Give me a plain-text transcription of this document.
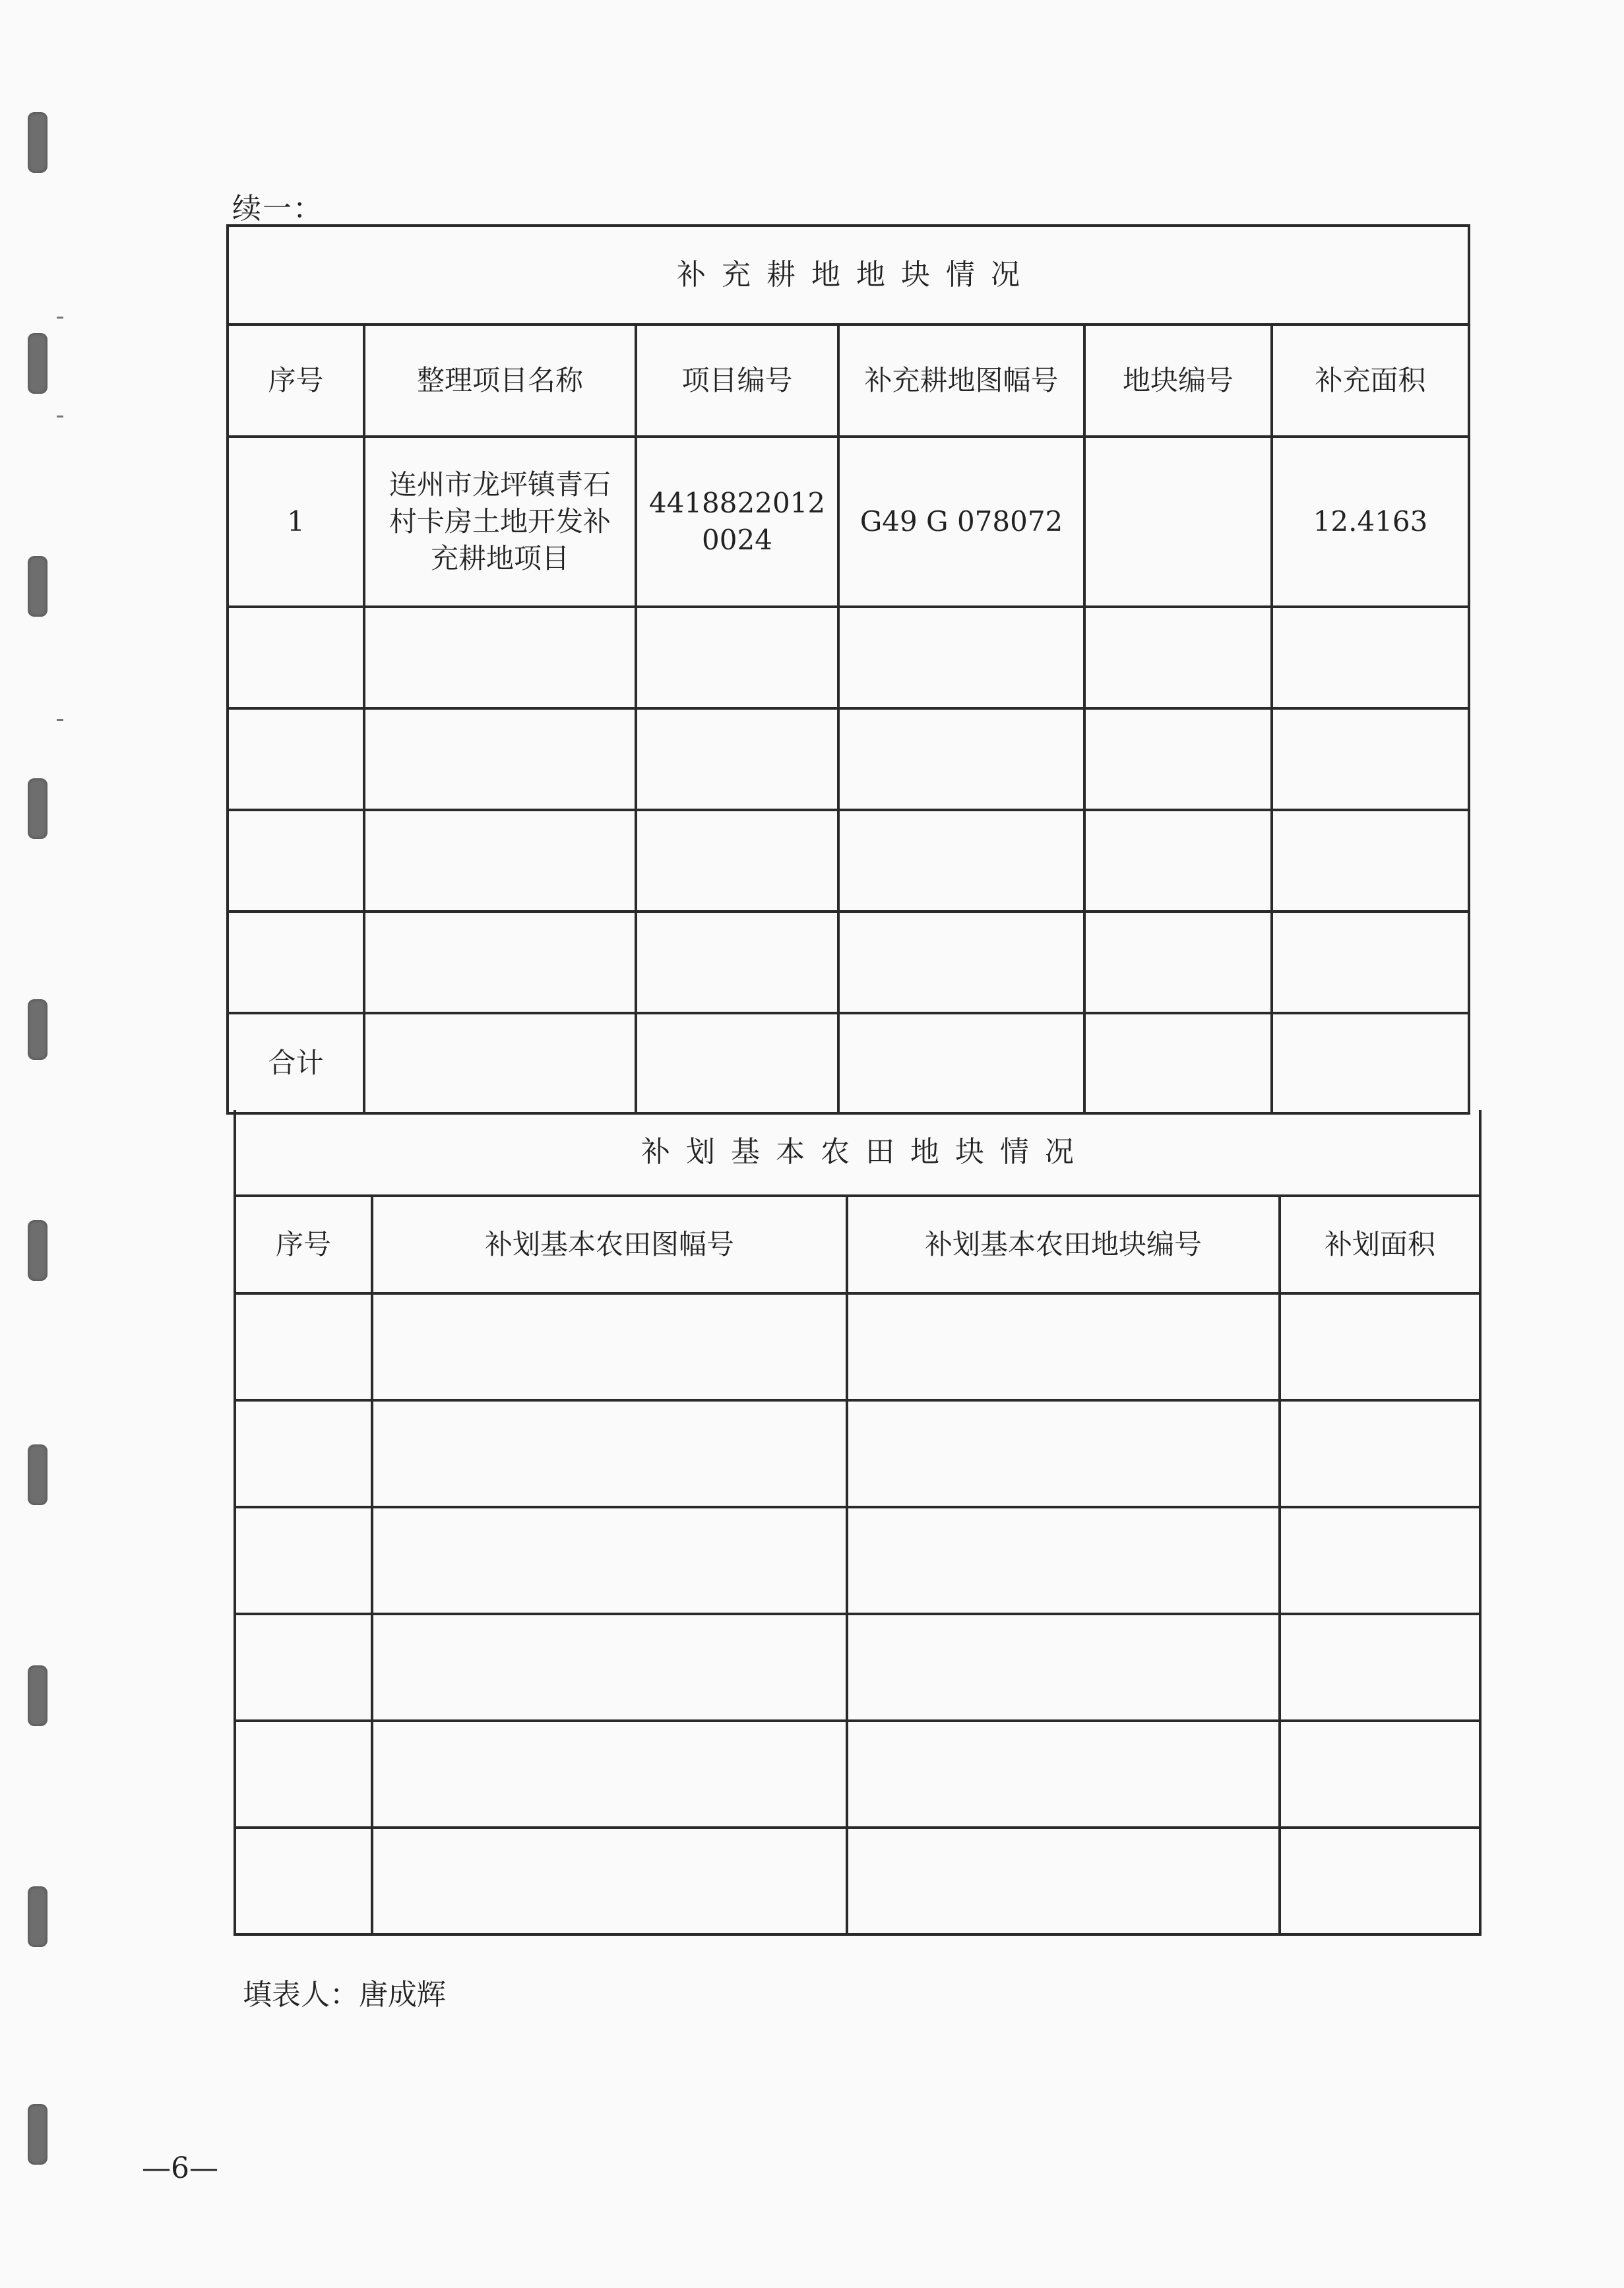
续一：
补充耕地地块情况					
序号	整理项目名称	项目编号	补充耕地图幅号	地块编号	补充面积
1	连州市龙坪镇青石村卡房土地开发补充耕地项目	44188220120024	G49 G 078072		12.4163

合计					
补划基本农田地块情况			
序号	补划基本农田图幅号	补划基本农田地块编号	补划面积

填表人：唐成辉
—6—
